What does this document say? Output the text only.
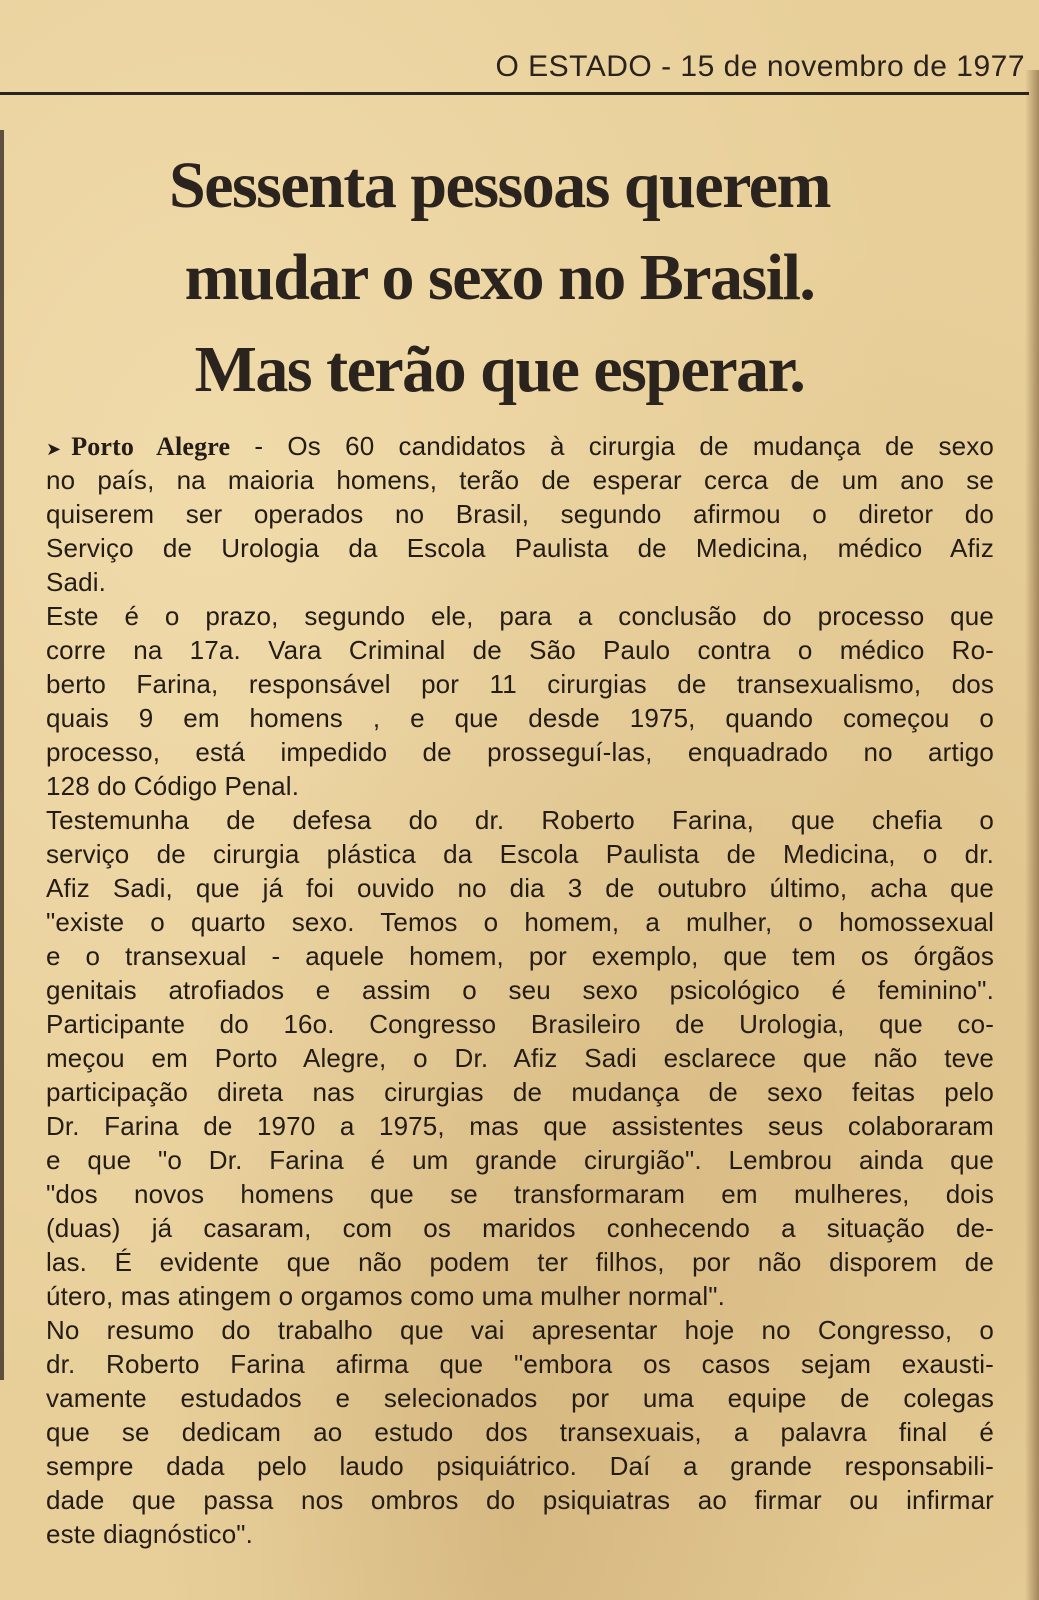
O ESTADO - 15 de novembro de 1977
Sessenta pessoas querem
mudar o sexo no Brasil.
Mas terão que esperar.
➤ Porto Alegre - Os 60 candidatos à cirurgia de mudança de sexo
no país, na maioria homens, terão de esperar cerca de um ano se
quiserem ser operados no Brasil, segundo afirmou o diretor do
Serviço de Urologia da Escola Paulista de Medicina, médico Afiz
Sadi.
Este é o prazo, segundo ele, para a conclusão do processo que
corre na 17a. Vara Criminal de São Paulo contra o médico Ro-
berto Farina, responsável por 11 cirurgias de transexualismo, dos
quais 9 em homens , e que desde 1975, quando começou o
processo, está impedido de prosseguí-las, enquadrado no artigo
128 do Código Penal.
Testemunha de defesa do dr. Roberto Farina, que chefia o
serviço de cirurgia plástica da Escola Paulista de Medicina, o dr.
Afiz Sadi, que já foi ouvido no dia 3 de outubro último, acha que
"existe o quarto sexo. Temos o homem, a mulher, o homossexual
e o transexual - aquele homem, por exemplo, que tem os órgãos
genitais atrofiados e assim o seu sexo psicológico é feminino".
Participante do 16o. Congresso Brasileiro de Urologia, que co-
meçou em Porto Alegre, o Dr. Afiz Sadi esclarece que não teve
participação direta nas cirurgias de mudança de sexo feitas pelo
Dr. Farina de 1970 a 1975, mas que assistentes seus colaboraram
e que "o Dr. Farina é um grande cirurgião". Lembrou ainda que
"dos novos homens que se transformaram em mulheres, dois
(duas) já casaram, com os maridos conhecendo a situação de-
las. É evidente que não podem ter filhos, por não disporem de
útero, mas atingem o orgamos como uma mulher normal".
No resumo do trabalho que vai apresentar hoje no Congresso, o
dr. Roberto Farina afirma que "embora os casos sejam exausti-
vamente estudados e selecionados por uma equipe de colegas
que se dedicam ao estudo dos transexuais, a palavra final é
sempre dada pelo laudo psiquiátrico. Daí a grande responsabili-
dade que passa nos ombros do psiquiatras ao firmar ou infirmar
este diagnóstico".
